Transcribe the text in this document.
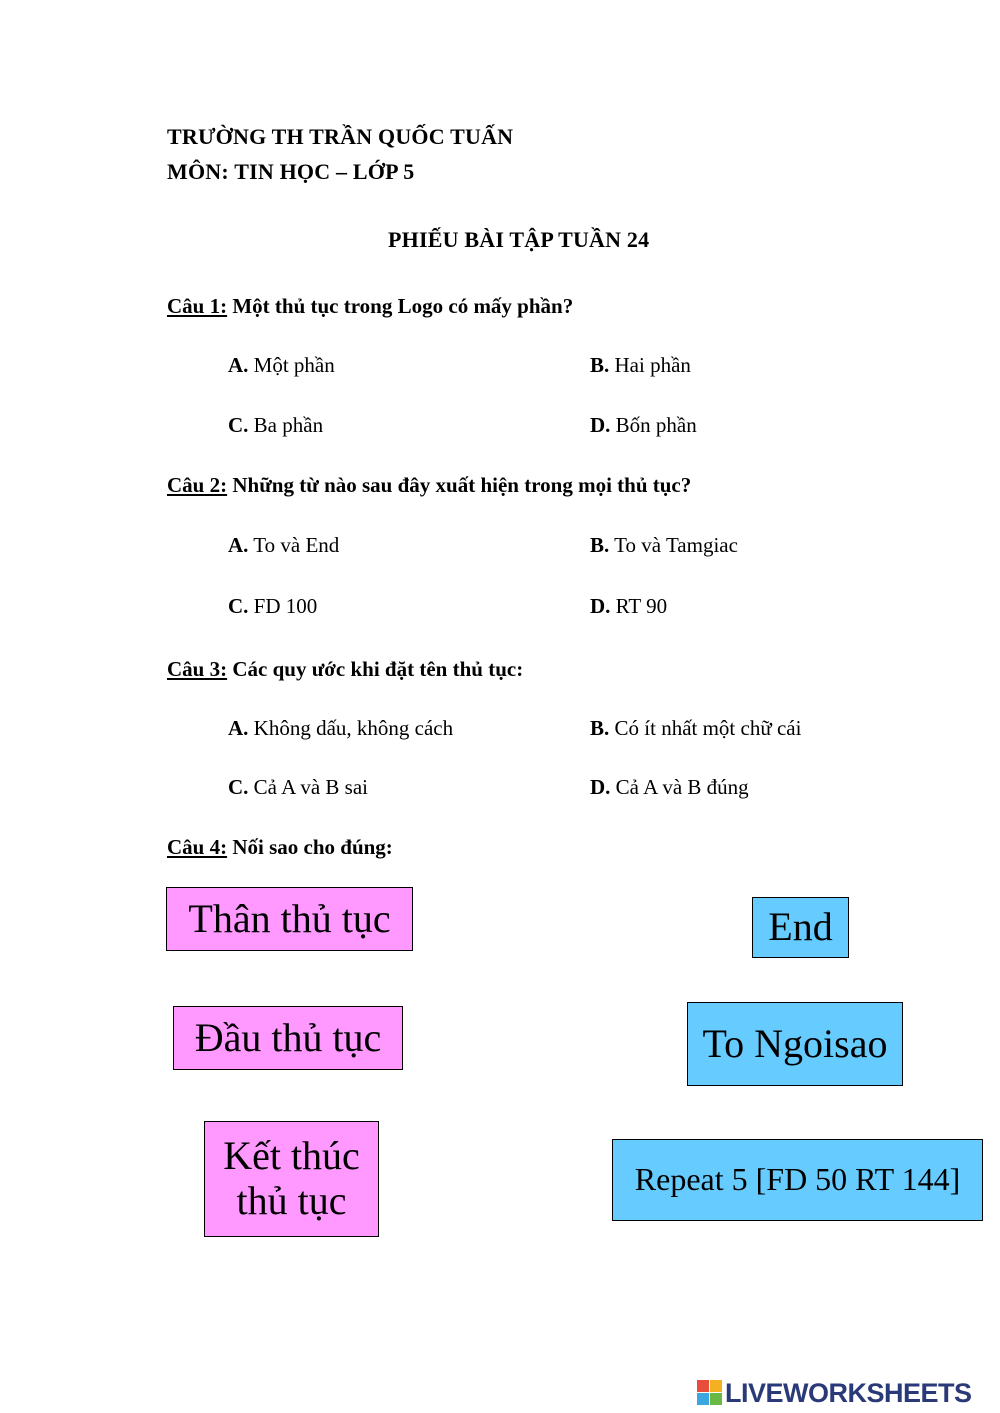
TRƯỜNG TH TRẦN QUỐC TUẤN
MÔN: TIN HỌC – LỚP 5
PHIẾU BÀI TẬP TUẦN 24
Câu 1: Một thủ tục trong Logo có mấy phần?
A. Một phần	B. Hai phần
C. Ba phần	D. Bốn phần
Câu 2: Những từ nào sau đây xuất hiện trong mọi thủ tục?
A. To và End	B. To và Tamgiac
C. FD 100	D. RT 90
Câu 3: Các quy ước khi đặt tên thủ tục:
A. Không dấu, không cách	B. Có ít nhất một chữ cái
C. Cả A và B sai	D. Cả A và B đúng
Câu 4: Nối sao cho đúng:
Thân thủ tục
Đầu thủ tục
Kết thúc
thủ tục
End
To Ngoisao
Repeat 5 [FD 50 RT 144]
LIVEWORKSHEETS
